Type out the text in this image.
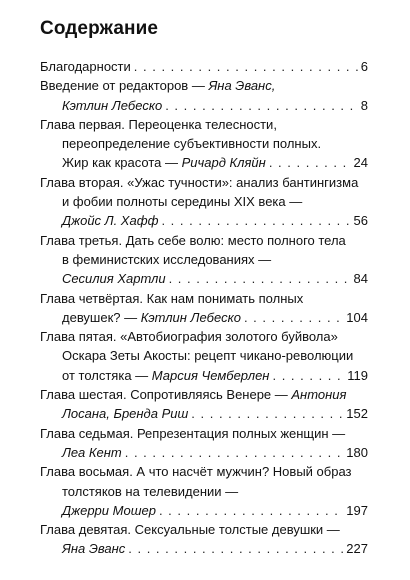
Содержание
Благодарности . . .	6
Введение от редакторов — Яна Эванс,
Кэтлин Лебеско . . .	8
Глава первая. Переоценка телесности,
переопределение субъективности полных.
Жир как красота — Ричард Кляйн . . .	24
Глава вторая. «Ужас тучности»: анализ бантингизма
и фобии полноты середины XIX века —
Джойс Л. Хафф . . .	56
Глава третья. Дать себе волю: место полного тела
в феминистских исследованиях —
Сесилия Хартли . . .	84
Глава четвёртая. Как нам понимать полных
девушек? — Кэтлин Лебеско . . .	104
Глава пятая. «Автобиография золотого буйвола»
Оскара Зеты Акосты: рецепт чикано-революции
от толстяка — Марсия Чемберлен . . .	119
Глава шестая. Сопротивляясь Венере — Антония
Лосана, Бренда Риш . . .	152
Глава седьмая. Репрезентация полных женщин —
Леа Кент . . .	180
Глава восьмая. А что насчёт мужчин? Новый образ
толстяков на телевидении —
Джерри Мошер . . .	197
Глава девятая. Сексуальные толстые девушки —
Яна Эванс . . .	227
